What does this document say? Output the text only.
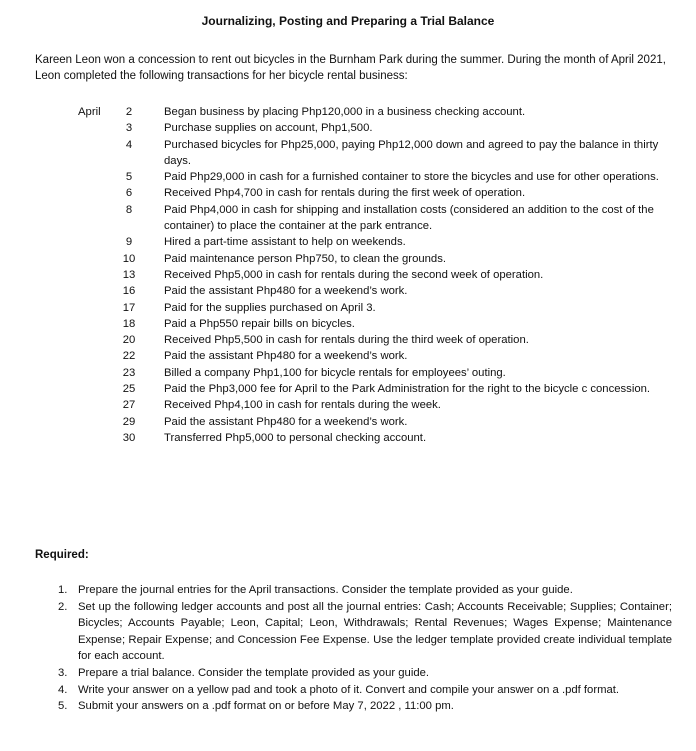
Journalizing, Posting and Preparing a Trial Balance
Kareen Leon won a concession to rent out bicycles in the Burnham Park during the summer. During the month of April 2021, Leon completed the following transactions for her bicycle rental business:
April	2	Began business by placing Php120,000 in a business checking account.
3	Purchase supplies on account, Php1,500.
4	Purchased bicycles for Php25,000, paying Php12,000 down and agreed to pay the balance in thirty days.
5	Paid Php29,000 in cash for a furnished container to store the bicycles and use for other operations.
6	Received Php4,700 in cash for rentals during the first week of operation.
8	Paid Php4,000 in cash for shipping and installation costs (considered an addition to the cost of the container) to place the container at the park entrance.
9	Hired a part-time assistant to help on weekends.
10	Paid maintenance person Php750, to clean the grounds.
13	Received Php5,000 in cash for rentals during the second week of operation.
16	Paid the assistant Php480 for a weekend’s work.
17	Paid for the supplies purchased on April 3.
18	Paid a Php550 repair bills on bicycles.
20	Received Php5,500 in cash for rentals during the third week of operation.
22	Paid the assistant Php480 for a weekend’s work.
23	Billed a company Php1,100 for bicycle rentals for employees’ outing.
25	Paid the Php3,000 fee for April to the Park Administration for the right to the bicycle c concession.
27	Received Php4,100 in cash for rentals during the week.
29	Paid the assistant Php480 for a weekend’s work.
30	Transferred Php5,000 to personal checking account.
Required:
1. Prepare the journal entries for the April transactions. Consider the template provided as your guide.
2. Set up the following ledger accounts and post all the journal entries: Cash; Accounts Receivable; Supplies; Container; Bicycles; Accounts Payable; Leon, Capital; Leon, Withdrawals; Rental Revenues; Wages Expense; Maintenance Expense; Repair Expense; and Concession Fee Expense. Use the ledger template provided create individual template for each account.
3. Prepare a trial balance. Consider the template provided as your guide.
4. Write your answer on a yellow pad and took a photo of it. Convert and compile your answer on a .pdf format.
5. Submit your answers on a .pdf format on or before May 7, 2022 , 11:00 pm.
